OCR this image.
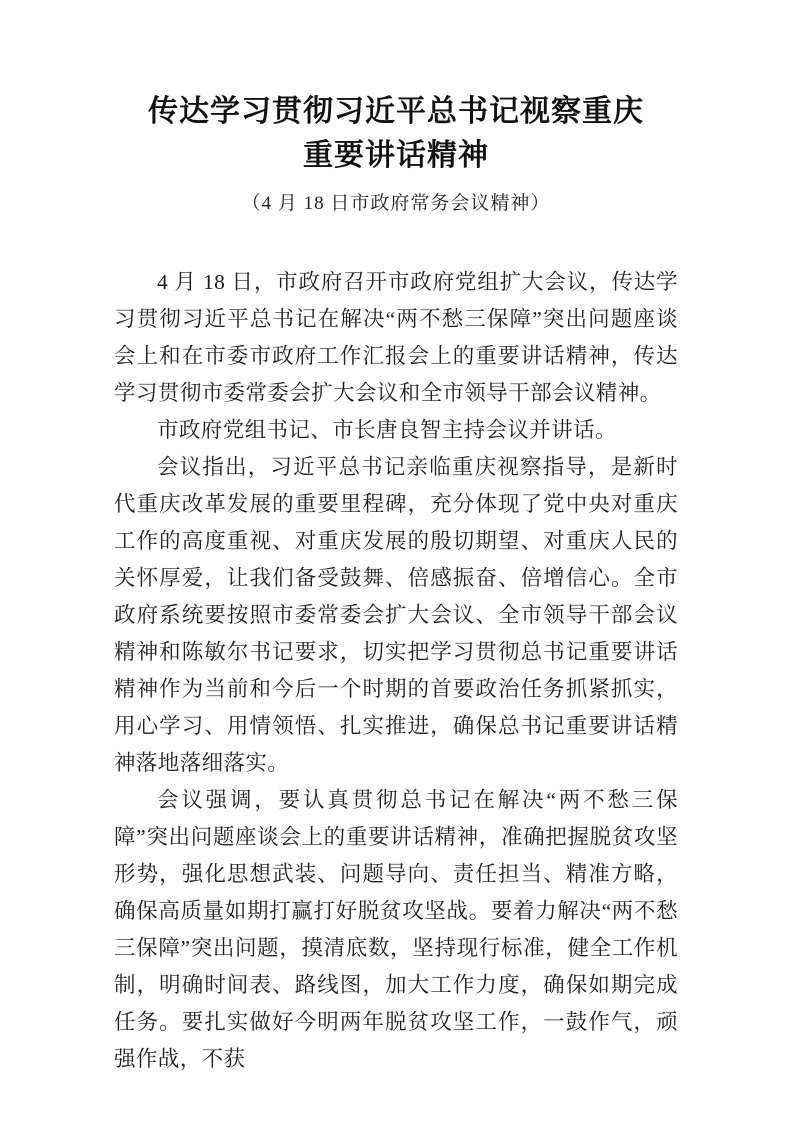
传达学习贯彻习近平总书记视察重庆
重要讲话精神
（4 月 18 日市政府常务会议精神）

4 月 18 日，市政府召开市政府党组扩大会议，传达学习贯彻习近平总书记在解决“两不愁三保障”突出问题座谈会上和在市委市政府工作汇报会上的重要讲话精神，传达学习贯彻市委常委会扩大会议和全市领导干部会议精神。

市政府党组书记、市长唐良智主持会议并讲话。

会议指出，习近平总书记亲临重庆视察指导，是新时代重庆改革发展的重要里程碑，充分体现了党中央对重庆工作的高度重视、对重庆发展的殷切期望、对重庆人民的关怀厚爱，让我们备受鼓舞、倍感振奋、倍增信心。全市政府系统要按照市委常委会扩大会议、全市领导干部会议精神和陈敏尔书记要求，切实把学习贯彻总书记重要讲话精神作为当前和今后一个时期的首要政治任务抓紧抓实，用心学习、用情领悟、扎实推进，确保总书记重要讲话精神落地落细落实。

会议强调，要认真贯彻总书记在解决“两不愁三保障”突出问题座谈会上的重要讲话精神，准确把握脱贫攻坚形势，强化思想武装、问题导向、责任担当、精准方略，确保高质量如期打赢打好脱贫攻坚战。要着力解决“两不愁三保障”突出问题，摸清底数，坚持现行标准，健全工作机制，明确时间表、路线图，加大工作力度，确保如期完成任务。要扎实做好今明两年脱贫攻坚工作，一鼓作气，顽强作战，不获
